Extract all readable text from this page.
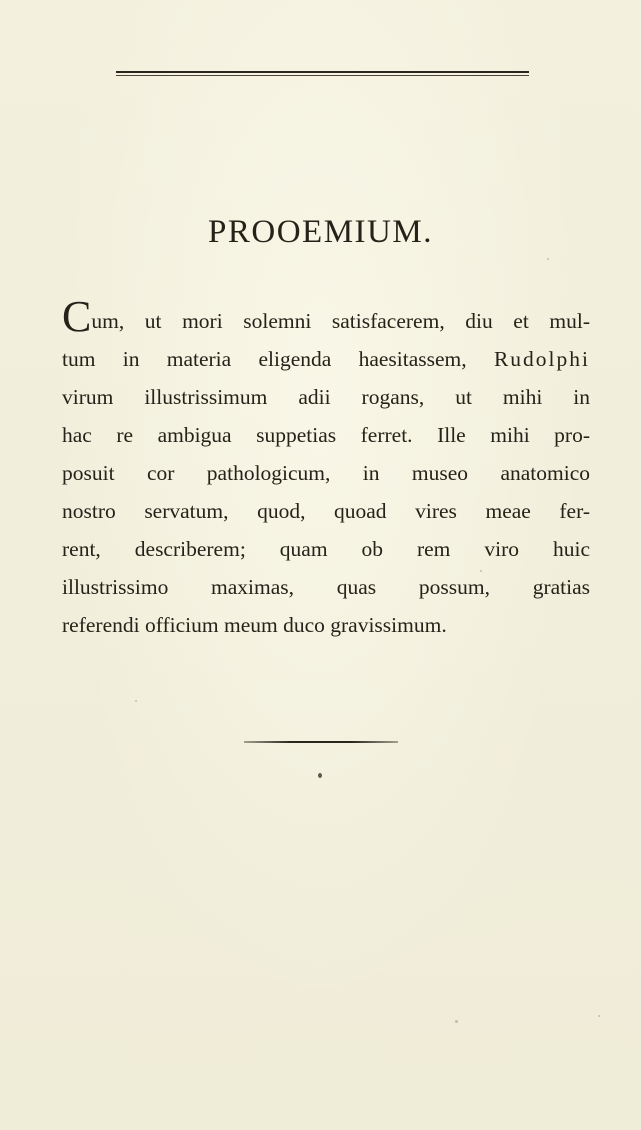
PROOEMIUM.
Cum, ut mori solemni satisfacerem, diu et mul-
tum in materia eligenda haesitassem, Rudolphi
virum illustrissimum adii rogans, ut mihi in
hac re ambigua suppetias ferret. Ille mihi pro-
posuit cor pathologicum, in museo anatomico
nostro servatum, quod, quoad vires meae fer-
rent, describerem; quam ob rem viro huic
illustrissimo maximas, quas possum, gratias
referendi officium meum duco gravissimum.
